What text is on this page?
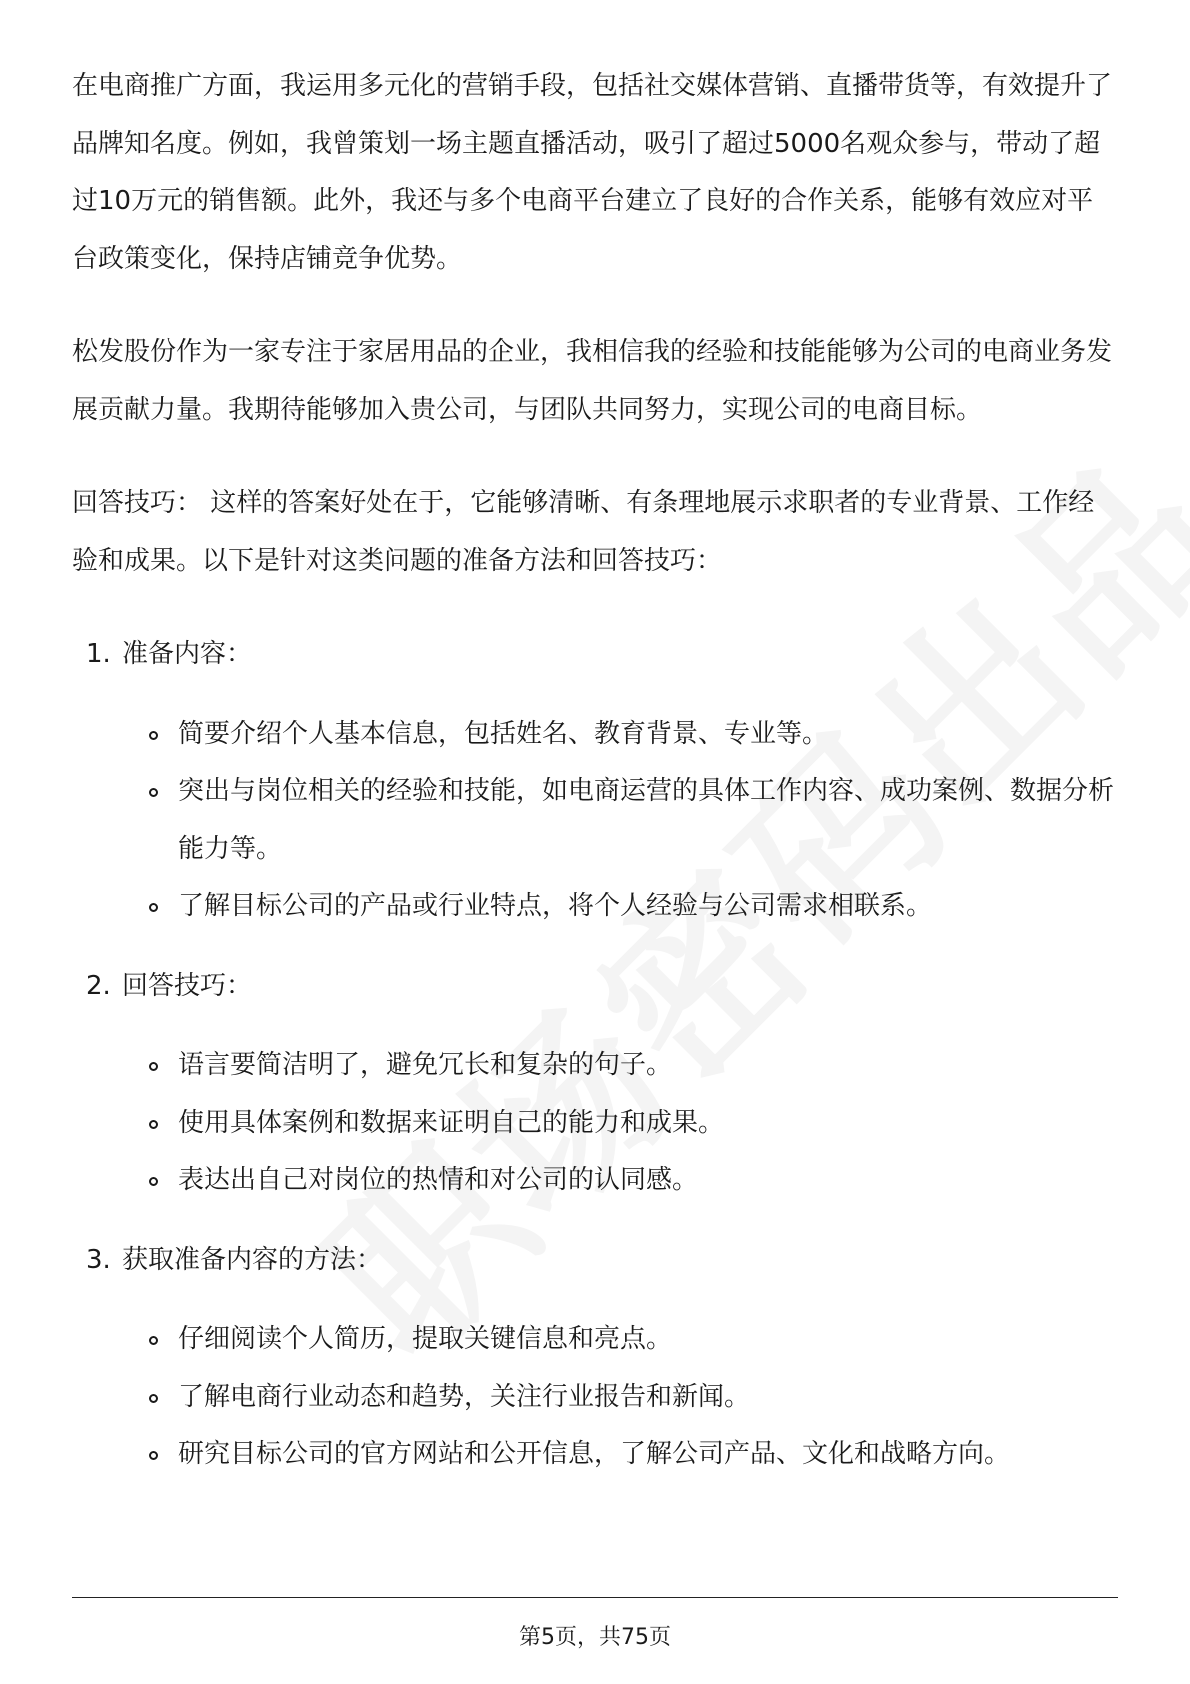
在电商推广方面，我运用多元化的营销手段，包括社交媒体营销、直播带货等，有效提升了品牌知名度。例如，我曾策划一场主题直播活动，吸引了超过5000名观众参与，带动了超过10万元的销售额。此外，我还与多个电商平台建立了良好的合作关系，能够有效应对平台政策变化，保持店铺竞争优势。

松发股份作为一家专注于家居用品的企业，我相信我的经验和技能能够为公司的电商业务发展贡献力量。我期待能够加入贵公司，与团队共同努力，实现公司的电商目标。

回答技巧： 这样的答案好处在于，它能够清晰、有条理地展示求职者的专业背景、工作经验和成果。以下是针对这类问题的准备方法和回答技巧：

1. 准备内容：
简要介绍个人基本信息，包括姓名、教育背景、专业等。
突出与岗位相关的经验和技能，如电商运营的具体工作内容、成功案例、数据分析能力等。
了解目标公司的产品或行业特点，将个人经验与公司需求相联系。
2. 回答技巧：
语言要简洁明了，避免冗长和复杂的句子。
使用具体案例和数据来证明自己的能力和成果。
表达出自己对岗位的热情和对公司的认同感。
3. 获取准备内容的方法：
仔细阅读个人简历，提取关键信息和亮点。
了解电商行业动态和趋势，关注行业报告和新闻。
研究目标公司的官方网站和公开信息，了解公司产品、文化和战略方向。
第5页，共75页
